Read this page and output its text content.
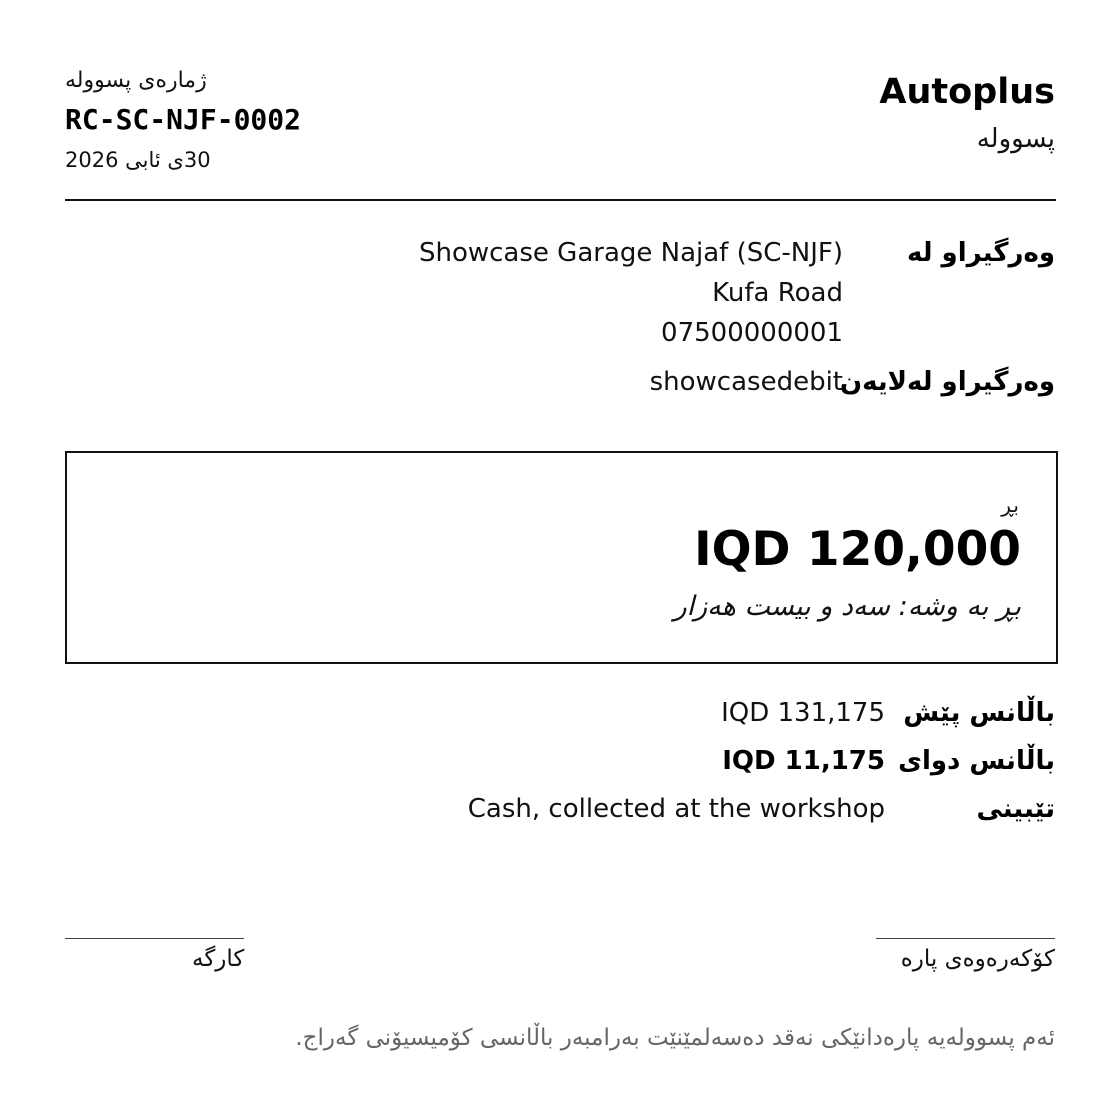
Autoplus
پسووله
ژمارەی پسووله
RC-SC-NJF-0002
30ی ئابی 2026
وەرگیراو لە
Showcase Garage Najaf (SC-NJF)
Kufa Road
07500000001
وەرگیراو لەلایەن
showcasedebit
بڕ
IQD 120,000
بڕ بە وشە: سەد و بیست هەزار
باڵانس پێش
IQD 131,175
باڵانس دوای
IQD 11,175
تێبینی
Cash, collected at the workshop
کۆکەرەوەی پارە
کارگە
ئەم پسوولەیە پارەدانێکی نەقد دەسەلمێنێت بەرامبەر باڵانسی کۆمیسیۆنی گەراج.
